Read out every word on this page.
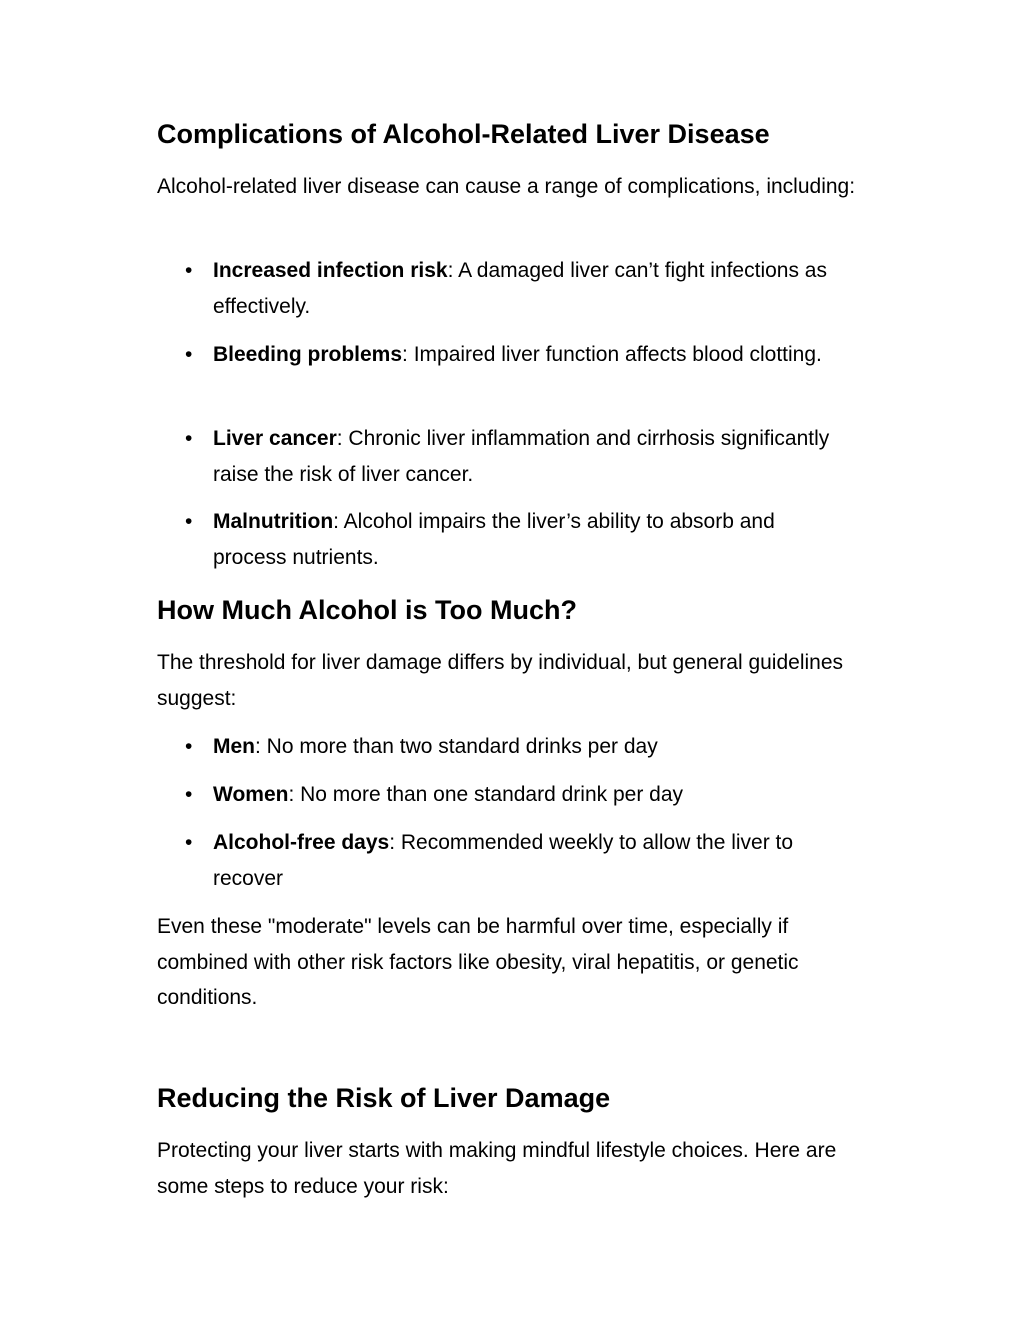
Complications of Alcohol-Related Liver Disease

Alcohol-related liver disease can cause a range of complications, including:

• Increased infection risk: A damaged liver can’t fight infections as effectively.
• Bleeding problems: Impaired liver function affects blood clotting.
• Liver cancer: Chronic liver inflammation and cirrhosis significantly raise the risk of liver cancer.
• Malnutrition: Alcohol impairs the liver’s ability to absorb and process nutrients.
How Much Alcohol is Too Much?

The threshold for liver damage differs by individual, but general guidelines suggest:

• Men: No more than two standard drinks per day
• Women: No more than one standard drink per day
• Alcohol-free days: Recommended weekly to allow the liver to recover

Even these "moderate" levels can be harmful over time, especially if combined with other risk factors like obesity, viral hepatitis, or genetic conditions.

Reducing the Risk of Liver Damage

Protecting your liver starts with making mindful lifestyle choices. Here are some steps to reduce your risk:
